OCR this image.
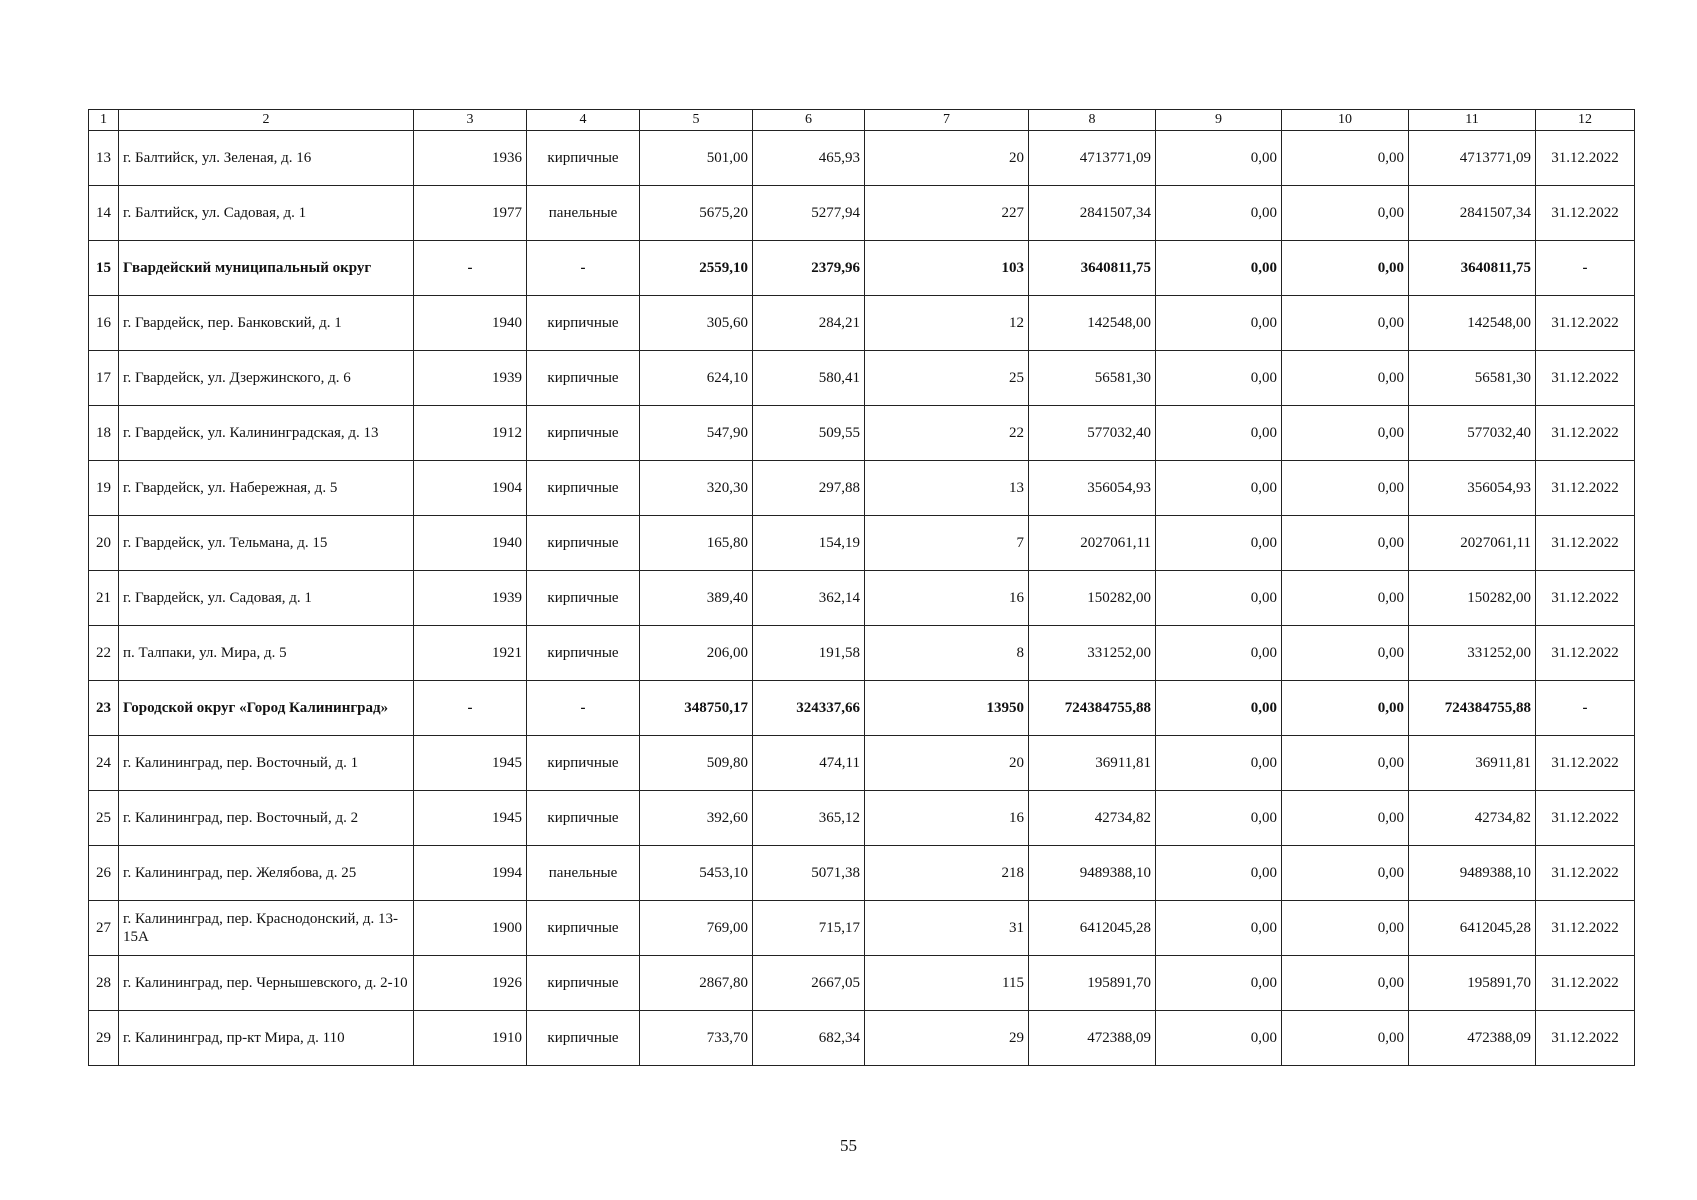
1	2	3	4	5	6	7	8	9	10	11	12
13	г. Балтийск, ул. Зеленая, д. 16	1936	кирпичные	501,00	465,93	20	4713771,09	0,00	0,00	4713771,09	31.12.2022
14	г. Балтийск, ул. Садовая, д. 1	1977	панельные	5675,20	5277,94	227	2841507,34	0,00	0,00	2841507,34	31.12.2022
15	Гвардейский муниципальный округ	-	-	2559,10	2379,96	103	3640811,75	0,00	0,00	3640811,75	-
16	г. Гвардейск, пер. Банковский, д. 1	1940	кирпичные	305,60	284,21	12	142548,00	0,00	0,00	142548,00	31.12.2022
17	г. Гвардейск, ул. Дзержинского, д. 6	1939	кирпичные	624,10	580,41	25	56581,30	0,00	0,00	56581,30	31.12.2022
18	г. Гвардейск, ул. Калининградская, д. 13	1912	кирпичные	547,90	509,55	22	577032,40	0,00	0,00	577032,40	31.12.2022
19	г. Гвардейск, ул. Набережная, д. 5	1904	кирпичные	320,30	297,88	13	356054,93	0,00	0,00	356054,93	31.12.2022
20	г. Гвардейск, ул. Тельмана, д. 15	1940	кирпичные	165,80	154,19	7	2027061,11	0,00	0,00	2027061,11	31.12.2022
21	г. Гвардейск, ул. Садовая, д. 1	1939	кирпичные	389,40	362,14	16	150282,00	0,00	0,00	150282,00	31.12.2022
22	п. Талпаки, ул. Мира, д. 5	1921	кирпичные	206,00	191,58	8	331252,00	0,00	0,00	331252,00	31.12.2022
23	Городской округ «Город Калининград»	-	-	348750,17	324337,66	13950	724384755,88	0,00	0,00	724384755,88	-
24	г. Калининград, пер. Восточный, д. 1	1945	кирпичные	509,80	474,11	20	36911,81	0,00	0,00	36911,81	31.12.2022
25	г. Калининград, пер. Восточный, д. 2	1945	кирпичные	392,60	365,12	16	42734,82	0,00	0,00	42734,82	31.12.2022
26	г. Калининград, пер. Желябова, д. 25	1994	панельные	5453,10	5071,38	218	9489388,10	0,00	0,00	9489388,10	31.12.2022
27	г. Калининград, пер. Краснодонский, д. 13-15А	1900	кирпичные	769,00	715,17	31	6412045,28	0,00	0,00	6412045,28	31.12.2022
28	г. Калининград, пер. Чернышевского, д. 2-10	1926	кирпичные	2867,80	2667,05	115	195891,70	0,00	0,00	195891,70	31.12.2022
29	г. Калининград, пр-кт Мира, д. 110	1910	кирпичные	733,70	682,34	29	472388,09	0,00	0,00	472388,09	31.12.2022
55
